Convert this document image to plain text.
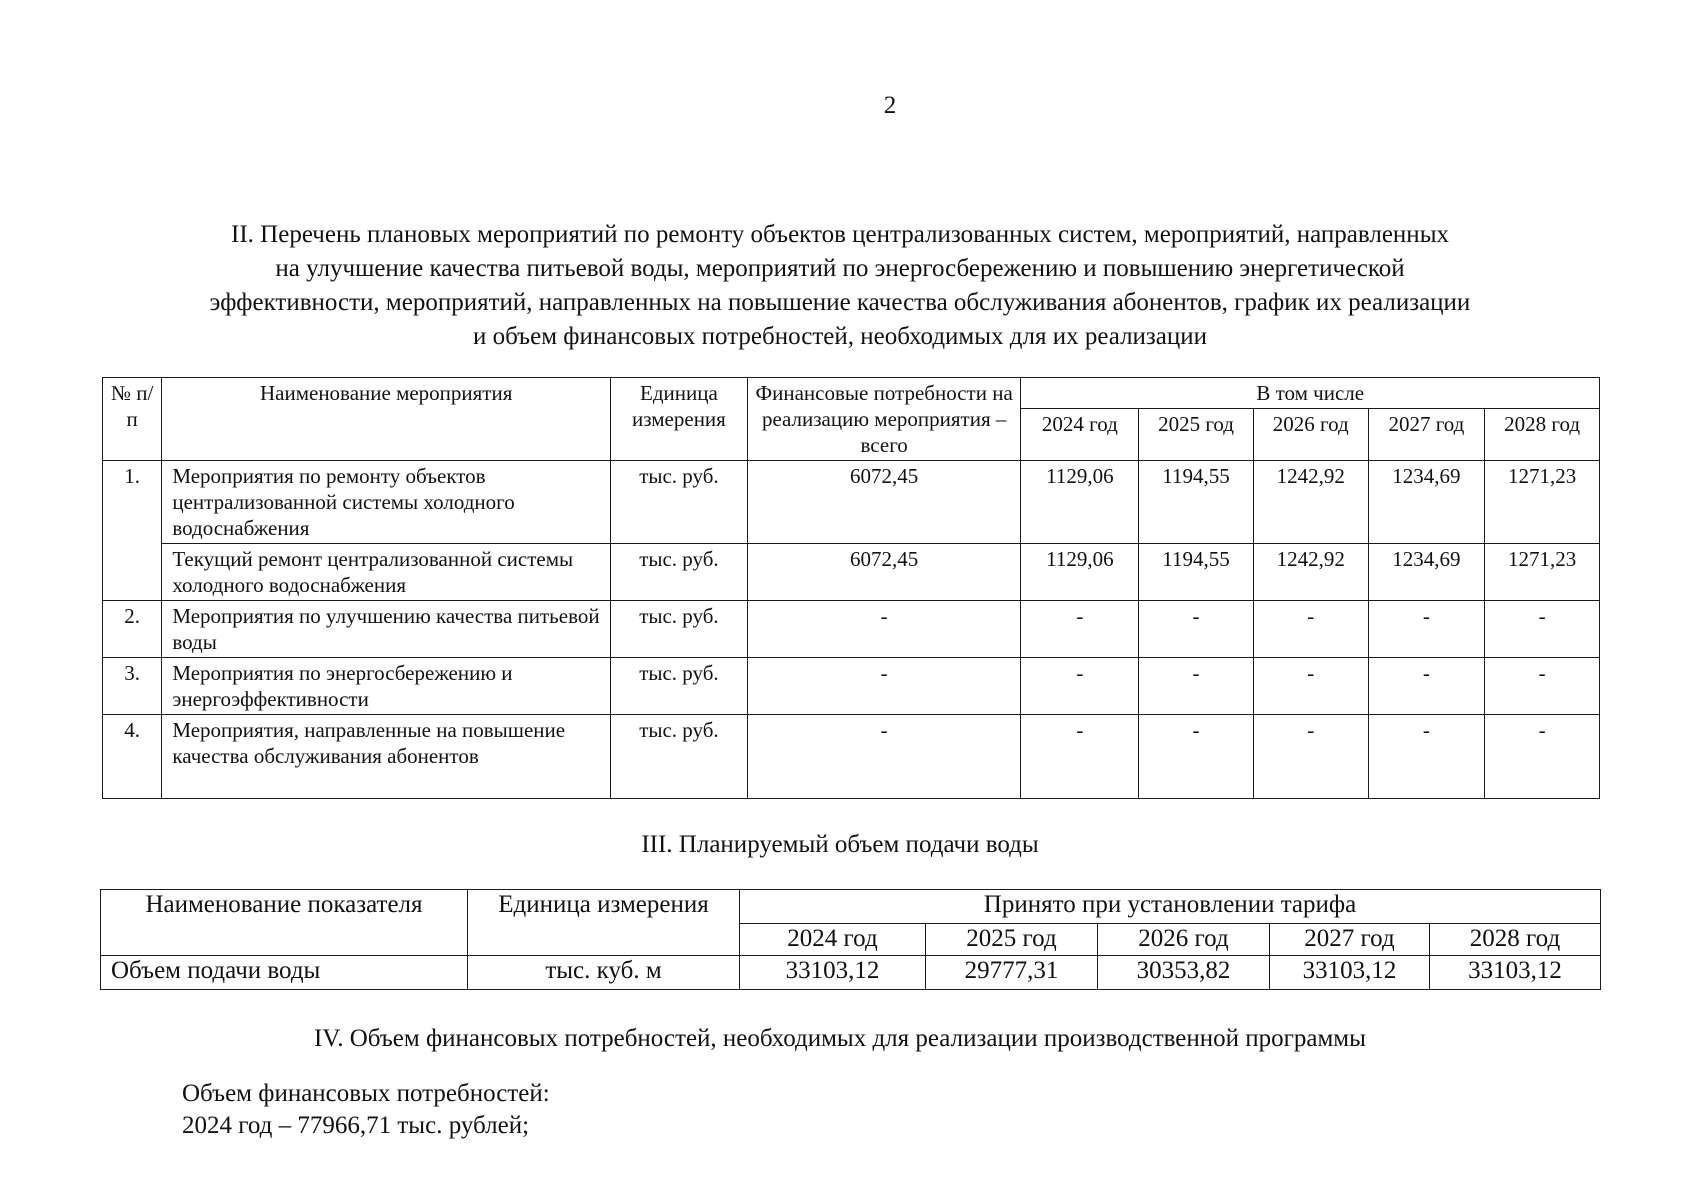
2
II. Перечень плановых мероприятий по ремонту объектов централизованных систем, мероприятий, направленных
на улучшение качества питьевой воды, мероприятий по энергосбережению и повышению энергетической
эффективности, мероприятий, направленных на повышение качества обслуживания абонентов, график их реализации
и объем финансовых потребностей, необходимых для их реализации
№ п/п	Наименование мероприятия	Единица измерения	Финансовые потребности на реализацию мероприятия – всего	В том числе				
				2024 год	2025 год	2026 год	2027 год	2028 год
1.	Мероприятия по ремонту объектов централизованной системы холодного водоснабжения	тыс. руб.	6072,45	1129,06	1194,55	1242,92	1234,69	1271,23
	Текущий ремонт централизованной системы холодного водоснабжения	тыс. руб.	6072,45	1129,06	1194,55	1242,92	1234,69	1271,23
2.	Мероприятия по улучшению качества питьевой воды	тыс. руб.	-	-	-	-	-	-
3.	Мероприятия по энергосбережению и энергоэффективности	тыс. руб.	-	-	-	-	-	-
4.	Мероприятия, направленные на повышение качества обслуживания абонентов	тыс. руб.	-	-	-	-	-	-
III. Планируемый объем подачи воды
Наименование показателя	Единица измерения	Принято при установлении тарифа				
		2024 год	2025 год	2026 год	2027 год	2028 год
Объем подачи воды	тыс. куб. м	33103,12	29777,31	30353,82	33103,12	33103,12
IV. Объем финансовых потребностей, необходимых для реализации производственной программы
Объем финансовых потребностей:
2024 год – 77966,71 тыс. рублей;
